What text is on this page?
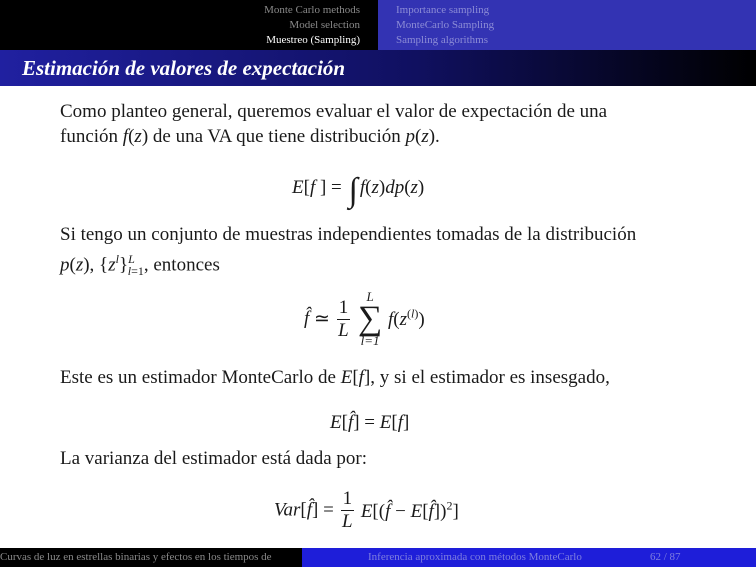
Monte Carlo methods
Model selection
Muestreo (Sampling)
Importance sampling
MonteCarlo Sampling
Sampling algorithms
Estimación de valores de expectación
Como planteo general, queremos evaluar el valor de expectación de una
función f(z) de una VA que tiene distribución p(z).
E[f ] = ∫ f(z)dp(z)
Si tengo un conjunto de muestras independientes tomadas de la distribución
p(z), $\{z^l\}^L_{l=1}$, entonces
f̂ ≃ $\frac{1}{L}$
	L
∑
l=1
$f(z^{(l)})$
Este es un estimador MonteCarlo de E[f], y si el estimador es insesgado,
E[f̂] = E[f]
La varianza del estimador está dada por:
Var[f̂] = $\frac{1}{L}$ E[(f̂ − E[f̂])$^2$]
Curvas de luz en estrellas binarias y efectos en los tiempos de	Inferencia aproximada con métodos MonteCarlo	62 / 87
